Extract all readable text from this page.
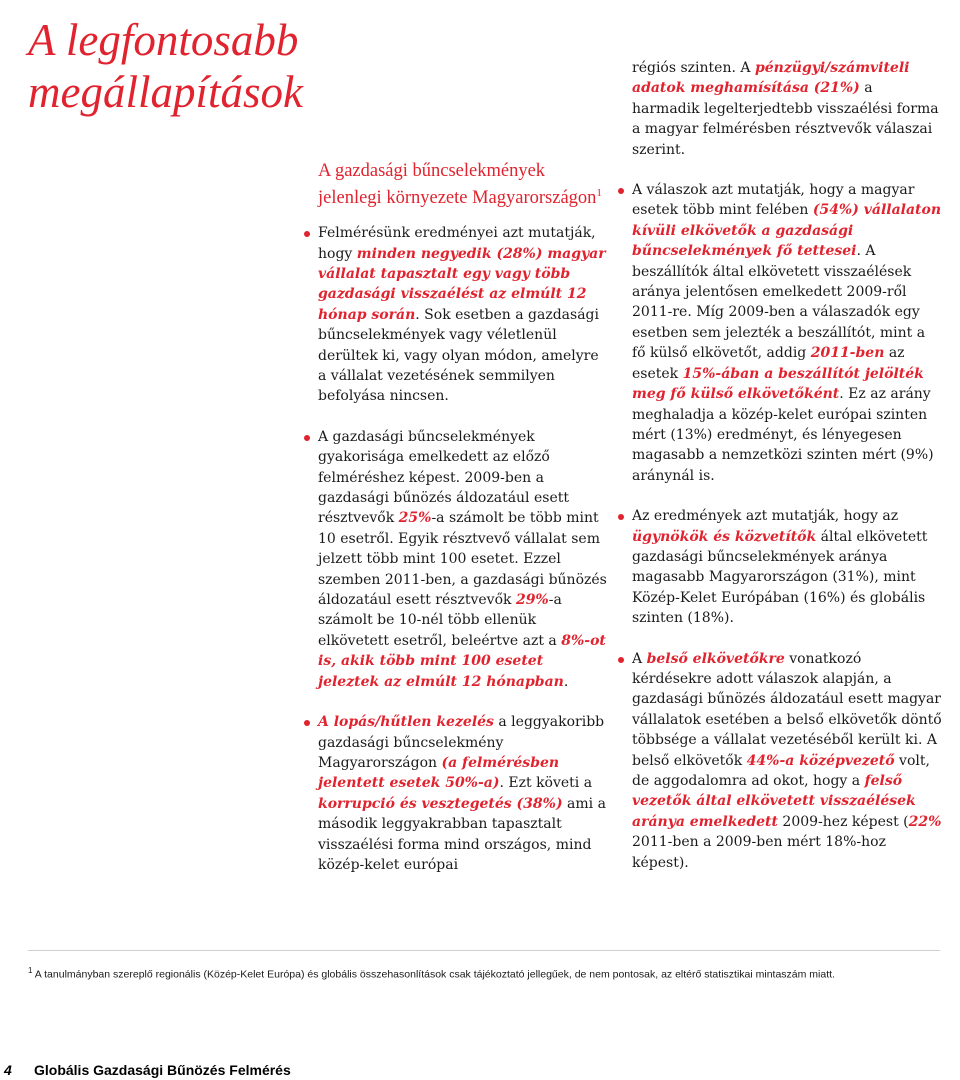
A legfontosabb
megállapítások
A gazdasági bűncselekmények jelenlegi környezete Magyarországon$^1$
Felmérésünk eredményei azt mutatják, hogy minden negyedik (28%) magyar vállalat tapasztalt egy vagy több gazdasági visszaélést az elmúlt 12 hónap során. Sok esetben a gazdasági bűncselekmények vagy véletlenül derültek ki, vagy olyan módon, amelyre a vállalat vezetésének semmilyen befolyása nincsen.
A gazdasági bűncselekmények gyakorisága emelkedett az előző felméréshez képest. 2009-ben a gazdasági bűnözés áldozatául esett résztvevők 25%-a számolt be több mint 10 esetről. Egyik résztvevő vállalat sem jelzett több mint 100 esetet. Ezzel szemben 2011-ben, a gazdasági bűnözés áldozatául esett résztvevők 29%-a számolt be 10-nél több ellenük elkövetett esetről, beleértve azt a 8%-ot is, akik több mint 100 esetet jeleztek az elmúlt 12 hónapban.
A lopás/hűtlen kezelés a leggyakoribb gazdasági bűncselekmény Magyarországon (a felmérésben jelentett esetek 50%-a). Ezt követi a korrupció és vesztegetés (38%) ami a második leggyakrabban tapasztalt visszaélési forma mind országos, mind közép-kelet európai
régiós szinten. A pénzügyi/számviteli adatok meghamísítása (21%) a harmadik legelterjedtebb visszaélési forma a magyar felmérésben résztvevők válaszai szerint.
A válaszok azt mutatják, hogy a magyar esetek több mint felében (54%) vállalaton kívüli elkövetők a gazdasági bűncselekmények fő tettesei. A beszállítók által elkövetett visszaélések aránya jelentősen emelkedett 2009-ről 2011-re. Míg 2009-ben a válaszadók egy esetben sem jelezték a beszállítót, mint a fő külső elkövetőt, addig 2011-ben az esetek 15%-ában a beszállítót jelölték meg fő külső elkövetőként. Ez az arány meghaladja a közép-kelet európai szinten mért (13%) eredményt, és lényegesen magasabb a nemzetközi szinten mért (9%) aránynál is.
Az eredmények azt mutatják, hogy az ügynökök és közvetítők által elkövetett gazdasági bűncselekmények aránya magasabb Magyarországon (31%), mint Közép-Kelet Európában (16%) és globális szinten (18%).
A belső elkövetőkre vonatkozó kérdésekre adott válaszok alapján, a gazdasági bűnözés áldozatául esett magyar vállalatok esetében a belső elkövetők döntő többsége a vállalat vezetéséből került ki. A belső elkövetők 44%-a középvezető volt, de aggodalomra ad okot, hogy a felső vezetők által elkövetett visszaélések aránya emelkedett 2009-hez képest (22% 2011-ben a 2009-ben mért 18%-hoz képest).
$^1$ A tanulmányban szereplő regionális (Közép-Kelet Európa) és globális összehasonlítások csak tájékoztató jellegűek, de nem pontosak, az eltérő statisztikai mintaszám miatt.
4 Globális Gazdasági Bűnözés Felmérés
